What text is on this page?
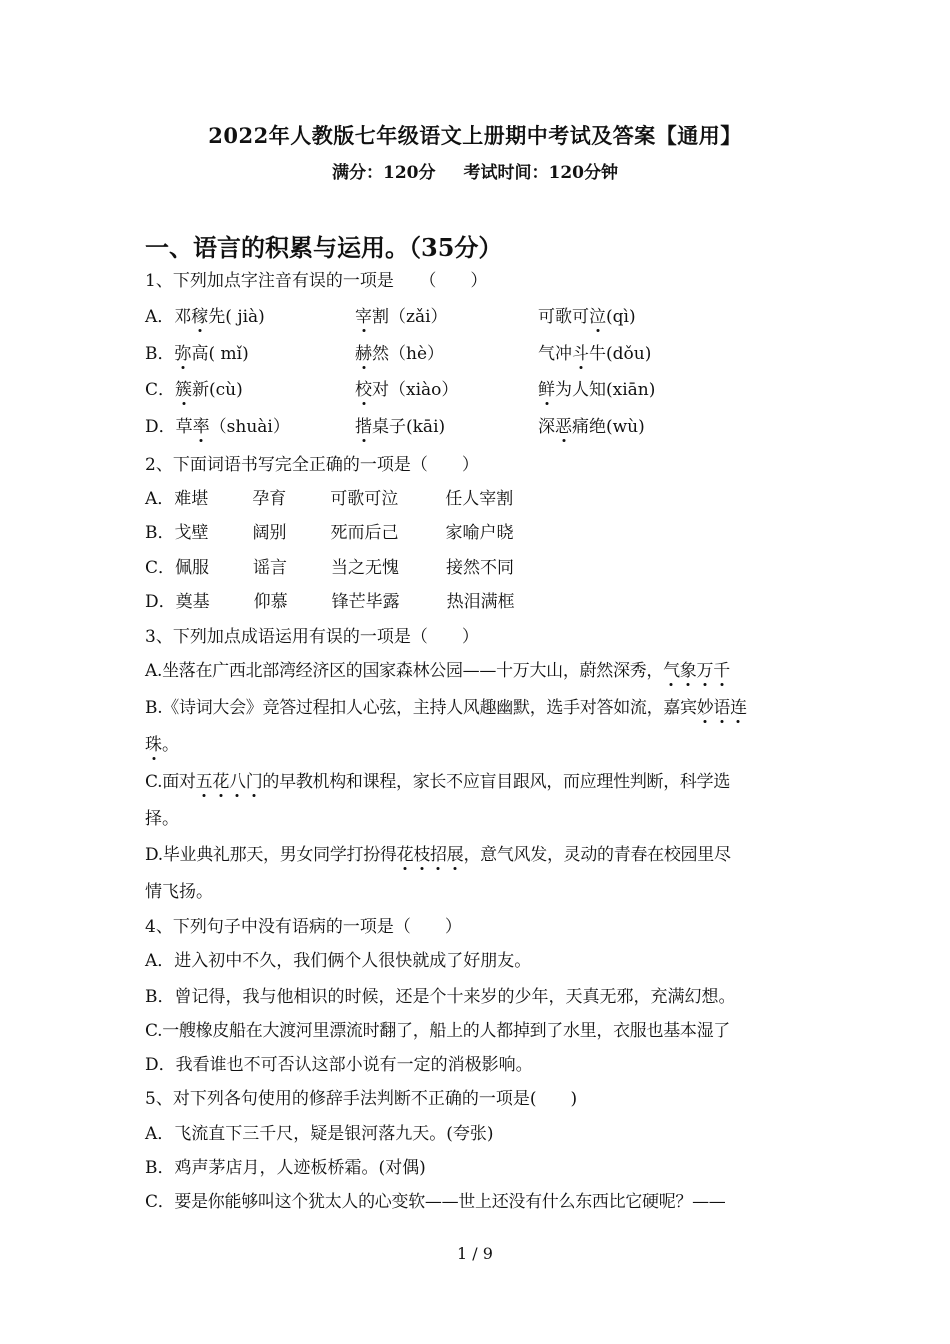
2022年人教版七年级语文上册期中考试及答案【通用】
满分：120分 考试时间：120分钟
一、语言的积累与运用。（35分）
1、下列加点字注音有误的一项是　　（　　）
A．邓稼先( jià)	宰割（zǎi）	可歌可泣(qì)
B．弥高( mǐ)	赫然（hè）	气冲斗牛(dǒu)
C．簇新(cù)	校对（xiào）	鲜为人知(xiān)
D．草率（shuài）	揩桌子(kāi)	深恶痛绝(wù)
2、下面词语书写完全正确的一项是（　　）
A．难堪	孕育	可歌可泣	任人宰割
B．戈壁	阔别	死而后己	家喻户晓
C．佩服	谣言	当之无愧	接然不同
D．奠基	仰慕	锋芒毕露	热泪满框
3、下列加点成语运用有误的一项是（　　）
A.坐落在广西北部湾经济区的国家森林公园——十万大山，蔚然深秀，气象万千
B.《诗词大会》竞答过程扣人心弦，主持人风趣幽默，选手对答如流，嘉宾妙语连
珠。
C.面对五花八门的早教机构和课程，家长不应盲目跟风，而应理性判断，科学选
择。
D.毕业典礼那天，男女同学打扮得花枝招展，意气风发，灵动的青春在校园里尽
情飞扬。
4、下列句子中没有语病的一项是（　　）
A．进入初中不久，我们俩个人很快就成了好朋友。
B．曾记得，我与他相识的时候，还是个十来岁的少年，天真无邪，充满幻想。
C.一艘橡皮船在大渡河里漂流时翻了，船上的人都掉到了水里，衣服也基本湿了
D．我看谁也不可否认这部小说有一定的消极影响。
5、对下列各句使用的修辞手法判断不正确的一项是(　　)
A．飞流直下三千尺，疑是银河落九天。(夸张)
B．鸡声茅店月，人迹板桥霜。(对偶)
C．要是你能够叫这个犹太人的心变软——世上还没有什么东西比它硬呢？——
1 / 9
